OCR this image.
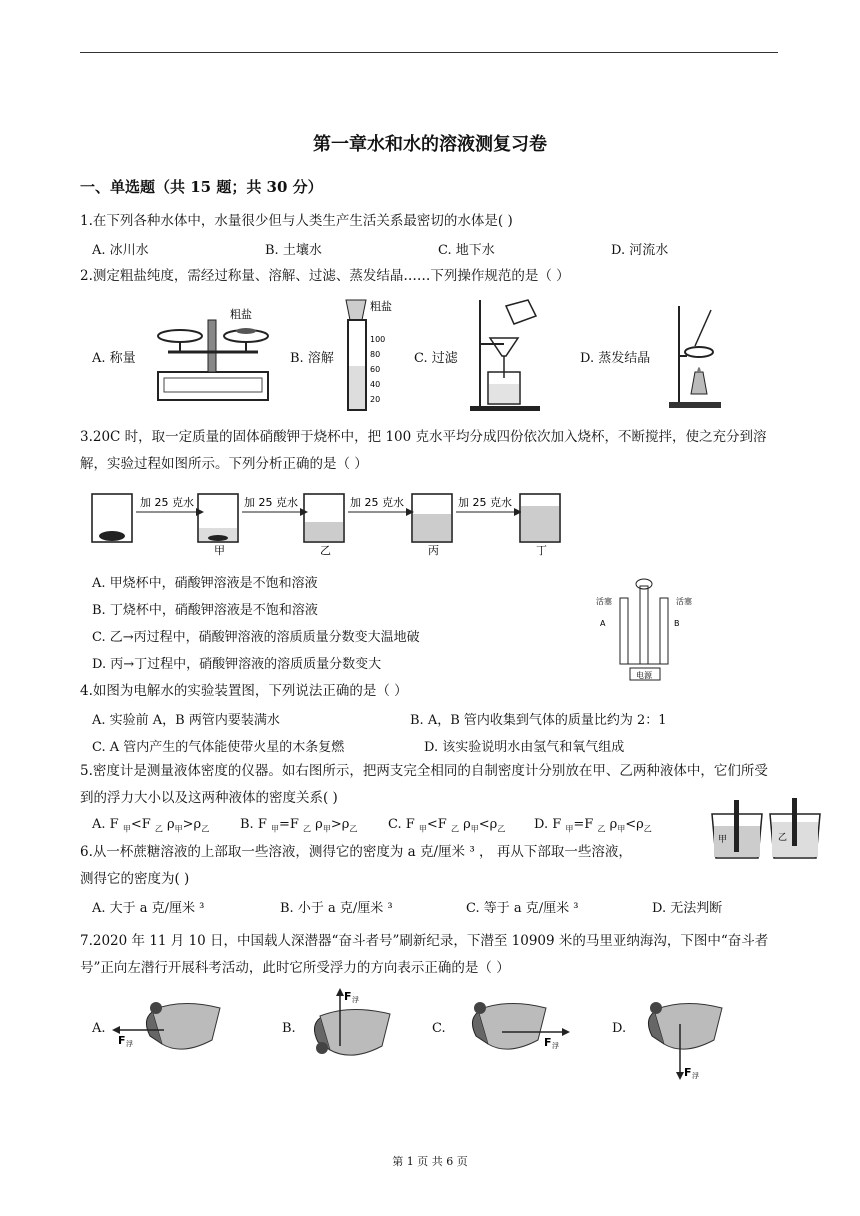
第一章水和水的溶液测复习卷
一、单选题（共 15 题；共 30 分）
1.在下列各种水体中，水量很少但与人类生产生活关系最密切的水体是( )
A. 冰川水	B. 土壤水	C. 地下水	D. 河流水
2.测定粗盐纯度，需经过称量、溶解、过滤、蒸发结晶……下列操作规范的是（ ）
A. 称量	B. 溶解	C. 过滤	D. 蒸发结晶
粗盐
粗盐
100
80
60
40
20
3.20C 时，取一定质量的固体硝酸钾于烧杯中，把 100 克水平均分成四份依次加入烧杯，不断搅拌，使之充分到溶解，实验过程如图所示。下列分析正确的是（ ）
加 25 克水
甲
加 25 克水
乙
加 25 克水
丙
加 25 克水
丁
A. 甲烧杯中，硝酸钾溶液是不饱和溶液
B. 丁烧杯中，硝酸钾溶液是不饱和溶液
C. 乙→丙过程中，硝酸钾溶液的溶质质量分数变大温地破
D. 丙→丁过程中，硝酸钾溶液的溶质质量分数变大
活塞	活塞
A	B
电源
4.如图为电解水的实验装置图，下列说法正确的是（ ）
A. 实验前 A，B 两管内要装满水	B. A，B 管内收集到气体的质量比约为 2：1
C. A 管内产生的气体能使带火星的木条复燃	D. 该实验说明水由氢气和氧气组成
5.密度计是测量液体密度的仪器。如右图所示，把两支完全相同的自制密度计分别放在甲、乙两种液体中，它们所受到的浮力大小以及这两种液体的密度关系( )
A. F $_甲$<F $_乙$ $\rho_甲>\rho_乙$ B. F $_甲$=F $_乙$ $\rho_甲>\rho_乙$ C. F $_甲$<F $_乙$ $\rho_甲<\rho_乙$ D. F $_甲$=F $_乙$ $\rho_甲<\rho_乙$
甲	乙
6.从一杯蔗糖溶液的上部取一些溶液，测得它的密度为 a 克/厘米 ³ ， 再从下部取一些溶液，
测得它的密度为( )
A. 大于 a 克/厘米 ³	B. 小于 a 克/厘米 ³	C. 等于 a 克/厘米 ³	D. 无法判断
7.2020 年 11 月 10 日，中国载人深潜器“奋斗者号”刷新纪录，下潜至 10909 米的马里亚纳海沟，下图中“奋斗者号”正向左潜行开展科考活动，此时它所受浮力的方向表示正确的是（ ）
A.	B.	C.	D.
F 浮
F 浮
F 浮
F 浮
第 1 页 共 6 页
